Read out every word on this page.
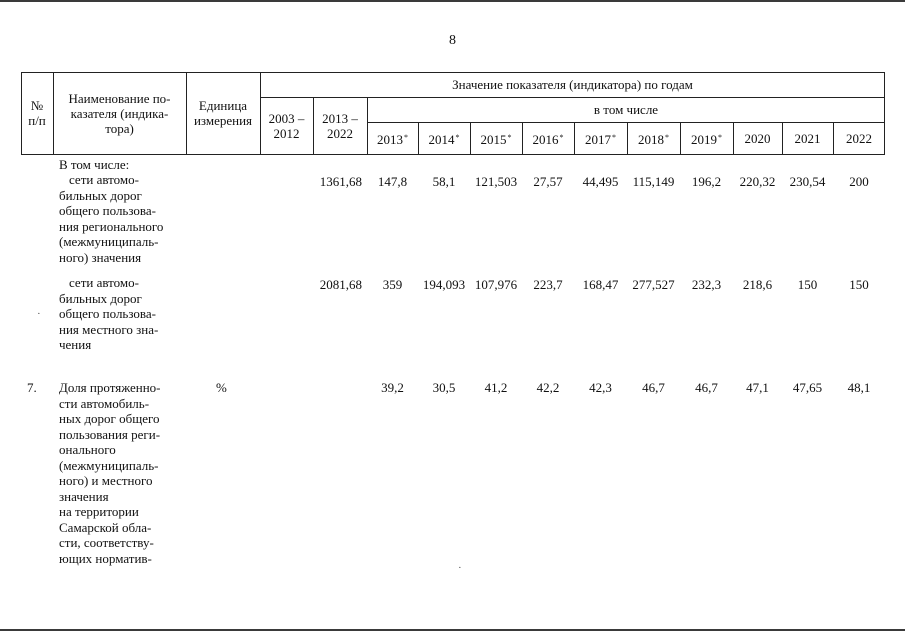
8
№
п/п
Наименование по-
казателя (индика-
тора)
Единица
измерения
Значение показателя (индикатора) по годам
2003 –
2012
2013 –
2022
в том числе
2013* 2014* 2015* 2016* 2017* 2018* 2019* 2020 2021 2022
В том числе:
сети автомо-
бильных дорог
общего пользова-
ния регионального
(межмуниципаль-
ного) значения
1361,68 147,8 58,1 121,503 27,57 44,495 115,149 196,2 220,32 230,54 200
сети автомо-
бильных дорог
общего пользова-
ния местного зна-
чения
2081,68 359 194,093 107,976 223,7 168,47 277,527 232,3 218,6 150 150
7. Доля протяженно-
сти автомобиль-
ных дорог общего
пользования реги-
онального
(межмуниципаль-
ного) и местного
значения
на территории
Самарской обла-
сти, соответству-
ющих норматив-
%	39,2 30,5 41,2 42,2 42,3 46,7 46,7 47,1 47,65 48,1
·
·
